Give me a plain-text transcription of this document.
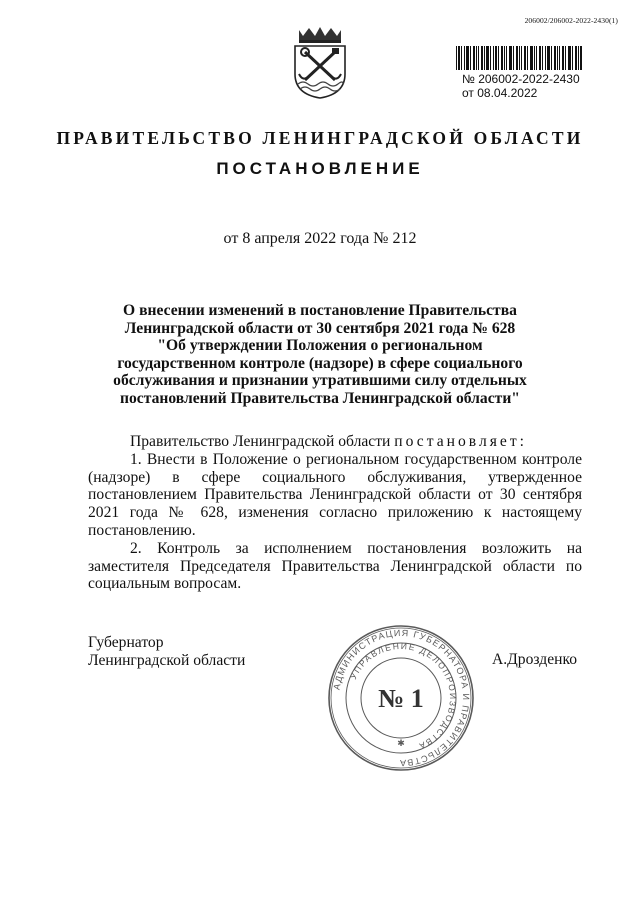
206002/206002-2022-2430(1)
№ 206002-2022-2430
от 08.04.2022
ПРАВИТЕЛЬСТВО ЛЕНИНГРАДСКОЙ ОБЛАСТИ
ПОСТАНОВЛЕНИЕ
от 8 апреля 2022 года № 212
О внесении изменений в постановление Правительства
Ленинградской области от 30 сентября 2021 года № 628
"Об утверждении Положения о региональном
государственном контроле (надзоре) в сфере социального
обслуживания и признании утратившими силу отдельных
постановлений Правительства Ленинградской области"

Правительство Ленинградской области постановляет:

1. Внести в Положение о региональном государственном контроле (надзоре) в сфере социального обслуживания, утвержденное постановлением Правительства Ленинградской области от 30 сентября 2021 года № 628, изменения согласно приложению к настоящему постановлению.

2. Контроль за исполнением постановления возложить на заместителя Председателя Правительства Ленинградской области по социальным вопросам.

Губернатор
Ленинградской области	А.Дрозденко
АДМИНИСТРАЦИЯ ГУБЕРНАТОРА И ПРАВИТЕЛЬСТВА
УПРАВЛЕНИЕ ДЕЛОПРОИЗВОДСТВА
№ 1
✱
